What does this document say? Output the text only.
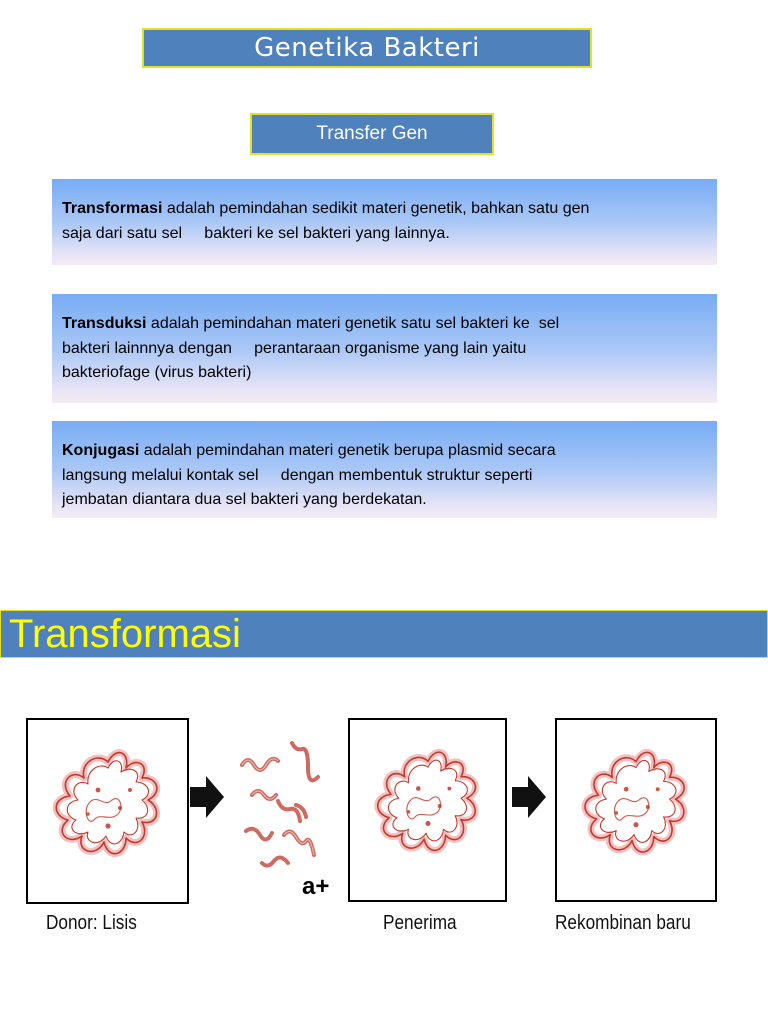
Genetika Bakteri
Transfer Gen
Transformasi adalah pemindahan sedikit materi genetik, bahkan satu gen
saja dari satu sel     bakteri ke sel bakteri yang lainnya.
Transduksi adalah pemindahan materi genetik satu sel bakteri ke  sel
bakteri lainnnya dengan     perantaraan organisme yang lain yaitu
bakteriofage (virus bakteri)
Konjugasi adalah pemindahan materi genetik berupa plasmid secara
langsung melalui kontak sel     dengan membentuk struktur seperti
jembatan diantara dua sel bakteri yang berdekatan.
Transformasi
a+
Donor: Lisis	Penerima	Rekombinan baru
